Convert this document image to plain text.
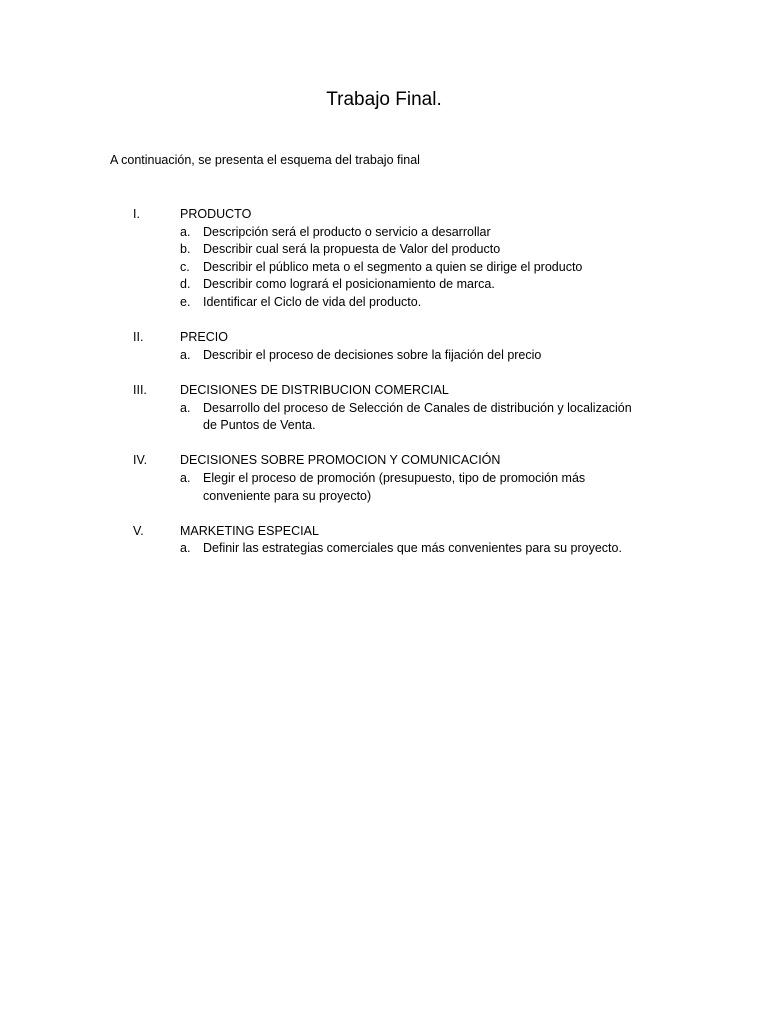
Trabajo Final.
A continuación, se presenta el esquema del trabajo final
I.	PRODUCTO
a.	Descripción será el producto o servicio a desarrollar
b.	Describir cual será la propuesta de Valor del producto
c.	Describir el público meta o el segmento a quien se dirige el producto
d.	Describir como logrará el posicionamiento de marca.
e.	Identificar el Ciclo de vida del producto.
II.	PRECIO
a.	Describir el proceso de decisiones sobre la fijación del precio
III.	DECISIONES DE DISTRIBUCION COMERCIAL
a.	Desarrollo del proceso de Selección de Canales de distribución y localización de Puntos de Venta.
IV.	DECISIONES SOBRE PROMOCION Y COMUNICACIÓN
a.	Elegir el proceso de promoción (presupuesto, tipo de promoción más conveniente para su proyecto)
V.	MARKETING ESPECIAL
a.	Definir las estrategias comerciales que más convenientes para su proyecto.
